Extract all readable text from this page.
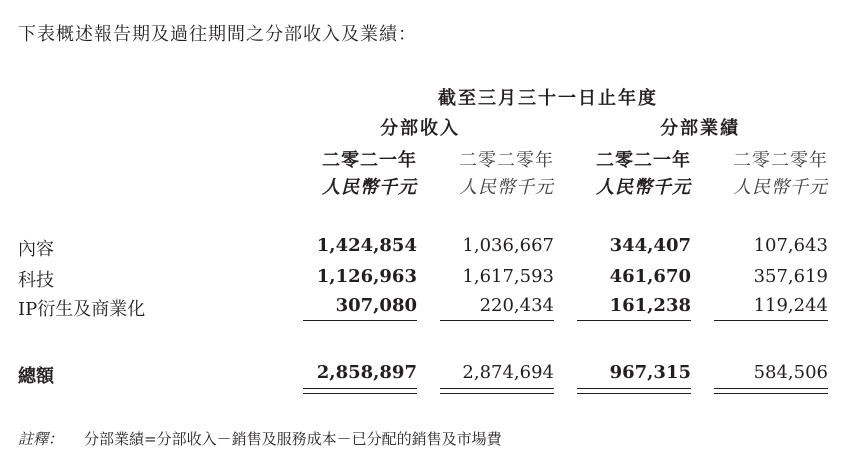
下表概述報告期及過往期間之分部收入及業績：
截至三月三十一日止年度
分部收入	分部業績
二零二一年	二零二零年	二零二一年	二零二零年
人民幣千元	人民幣千元	人民幣千元	人民幣千元
內容	1,424,854	1,036,667	344,407	107,643
科技	1,126,963	1,617,593	461,670	357,619
IP衍生及商業化	307,080	220,434	161,238	119,244
總額	2,858,897	2,874,694	967,315	584,506
註釋： 分部業績=分部收入－銷售及服務成本－已分配的銷售及市場費
